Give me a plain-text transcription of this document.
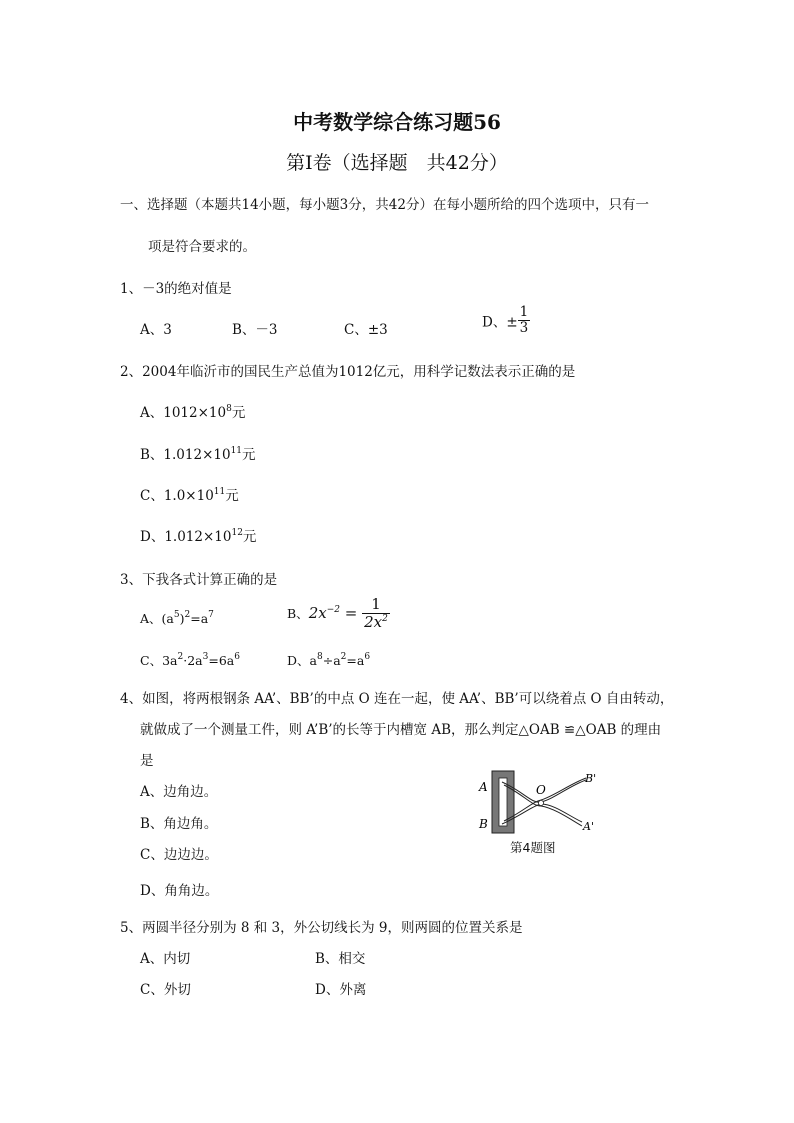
中考数学综合练习题56
第Ⅰ卷（选择题　共42分）
一、选择题（本题共14小题，每小题3分，共42分）在每小题所给的四个选项中，只有一
项是符合要求的。
1、－3的绝对值是
A、3	B、－3	C、±3	D、± $\frac{1}{3}$
2、2004年临沂市的国民生产总值为1012亿元，用科学记数法表示正确的是
A、$1012\times 10^8$元
B、$1.012\times 10^{11}$元
C、$1.0\times 10^{11}$元
D、$1.012\times 10^{12}$元
3、下我各式计算正确的是
A、$(a^5)^2=a^7$	B、$2x^{-2} = \frac{1}{2x^2}$
C、$3a^2\cdot 2a^3=6a^6$	D、$a^8\div a^2=a^6$
4、如图，将两根钢条 AA’、BB’的中点 O 连在一起，使 AA’、BB’可以绕着点 O 自由转动，
就做成了一个测量工件，则 A’B’的长等于内槽宽 AB，那么判定△OAB ≌△OAB 的理由
是
A、边角边。
B、角边角。
C、边边边。
D、角角边。
A
B
O
B'
A'
第4题图
5、两圆半径分别为 8 和 3，外公切线长为 9，则两圆的位置关系是
A、内切	B、相交
C、外切	D、外离
